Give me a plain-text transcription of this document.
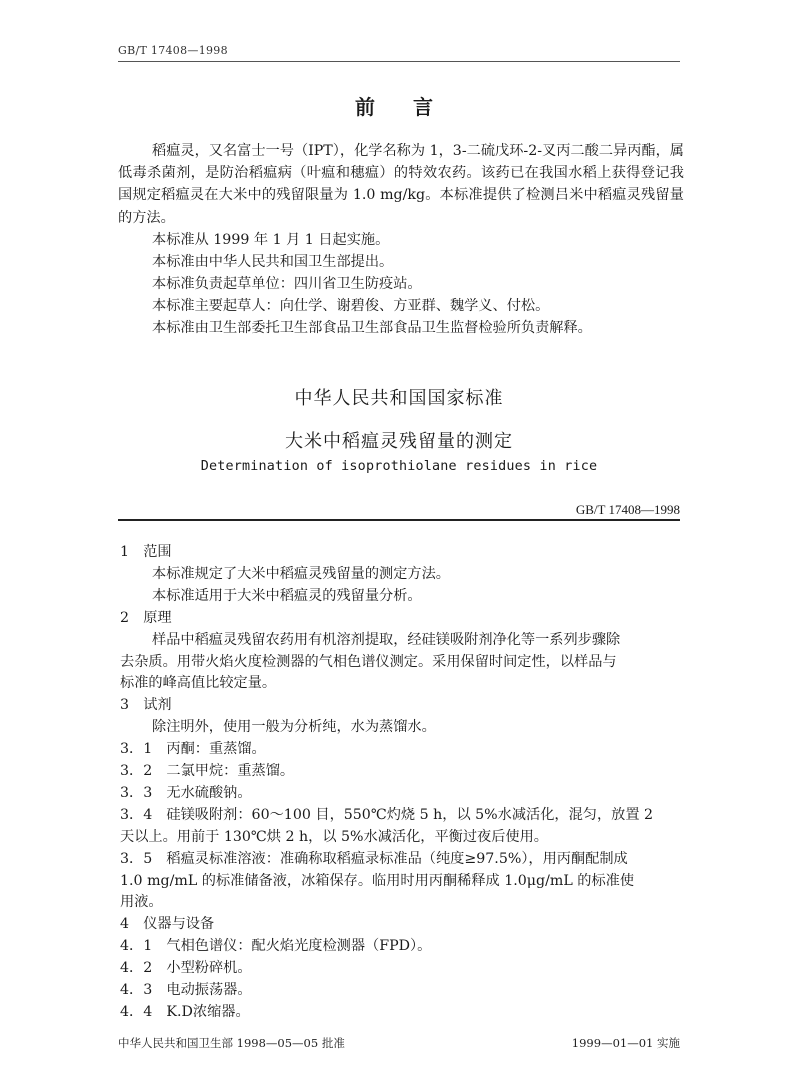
GB/T 17408—1998
前 言
稻瘟灵，又名富士一号（IPT），化学名称为 1，3-二硫戊环-2-叉丙二酸二异丙酯，属低毒杀菌剂，是防治稻瘟病（叶瘟和穗瘟）的特效农药。该药已在我国水稻上获得登记我国规定稻瘟灵在大米中的残留限量为 1.0 mg/kg。本标准提供了检测吕米中稻瘟灵残留量的方法。
本标准从 1999 年 1 月 1 日起实施。
本标准由中华人民共和国卫生部提出。
本标准负责起草单位：四川省卫生防疫站。
本标准主要起草人：向仕学、谢碧俊、方亚群、魏学义、付松。
本标准由卫生部委托卫生部食品卫生部食品卫生监督检验所负责解释。
中华人民共和国国家标准
大米中稻瘟灵残留量的测定
Determination of isoprothiolane residues in rice
GB/T 17408—1998
1　范围
本标准规定了大米中稻瘟灵残留量的测定方法。
本标准适用于大米中稻瘟灵的残留量分析。
2　原理
样品中稻瘟灵残留农药用有机溶剂提取，经硅镁吸附剂净化等一系列步骤除
去杂质。用带火焰火度检测器的气相色谱仪测定。采用保留时间定性，以样品与
标准的峰高值比较定量。
3　试剂
除注明外，使用一般为分析纯，水为蒸馏水。
3．1　丙酮：重蒸馏。
3．2　二氯甲烷：重蒸馏。
3．3　无水硫酸钠。
3．4　硅镁吸附剂：60～100 目，550℃灼烧 5 h，以 5%水减活化，混匀，放置 2
天以上。用前于 130℃烘 2 h，以 5%水减活化，平衡过夜后使用。
3．5　稻瘟灵标准溶液：准确称取稻瘟录标准品（纯度≥97.5%），用丙酮配制成
1.0 mg/mL 的标准储备液，冰箱保存。临用时用丙酮稀释成 1.0μg/mL 的标准使
用液。
4　仪器与设备
4．1　气相色谱仪：配火焰光度检测器（FPD）。
4．2　小型粉碎机。
4．3　电动振荡器。
4．4　K.D浓缩器。
中华人民共和国卫生部 1998—05—05 批准	1999—01—01 实施
